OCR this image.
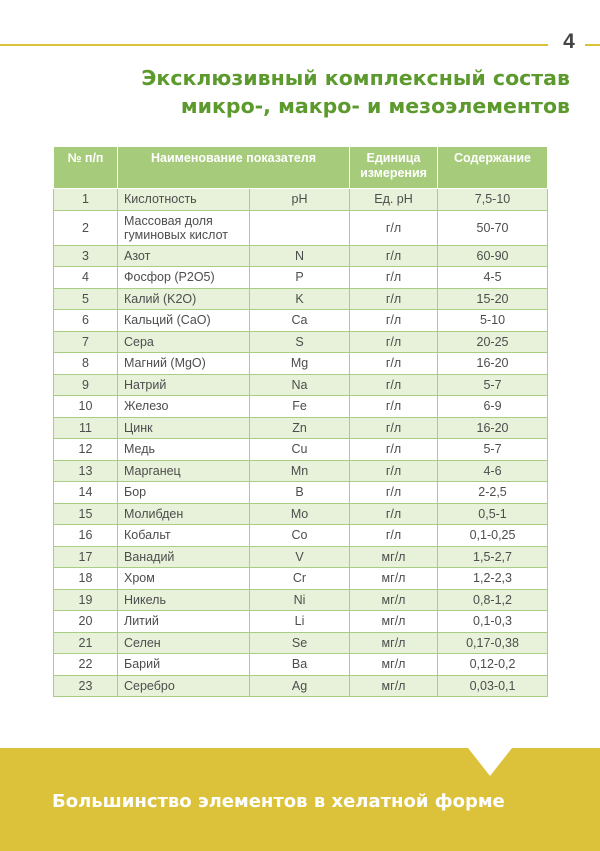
4
Эксклюзивный комплексный состав
микро-, макро- и мезоэлементов
№ п/п	Наименование показателя		Единица измерения	Содержание
1	Кислотность	pH	Ед. pH	7,5-10
2	Массовая доля гуминовых кислот		г/л	50-70
3	Азот	N	г/л	60-90
4	Фосфор (P2O5)	P	г/л	4-5
5	Калий (K2O)	K	г/л	15-20
6	Кальций (CaO)	Ca	г/л	5-10
7	Сера	S	г/л	20-25
8	Магний (MgO)	Mg	г/л	16-20
9	Натрий	Na	г/л	5-7
10	Железо	Fe	г/л	6-9
11	Цинк	Zn	г/л	16-20
12	Медь	Cu	г/л	5-7
13	Марганец	Mn	г/л	4-6
14	Бор	B	г/л	2-2,5
15	Молибден	Mo	г/л	0,5-1
16	Кобальт	Co	г/л	0,1-0,25
17	Ванадий	V	мг/л	1,5-2,7
18	Хром	Cr	мг/л	1,2-2,3
19	Никель	Ni	мг/л	0,8-1,2
20	Литий	Li	мг/л	0,1-0,3
21	Селен	Se	мг/л	0,17-0,38
22	Барий	Ba	мг/л	0,12-0,2
23	Серебро	Ag	мг/л	0,03-0,1
Большинство элементов в хелатной форме
